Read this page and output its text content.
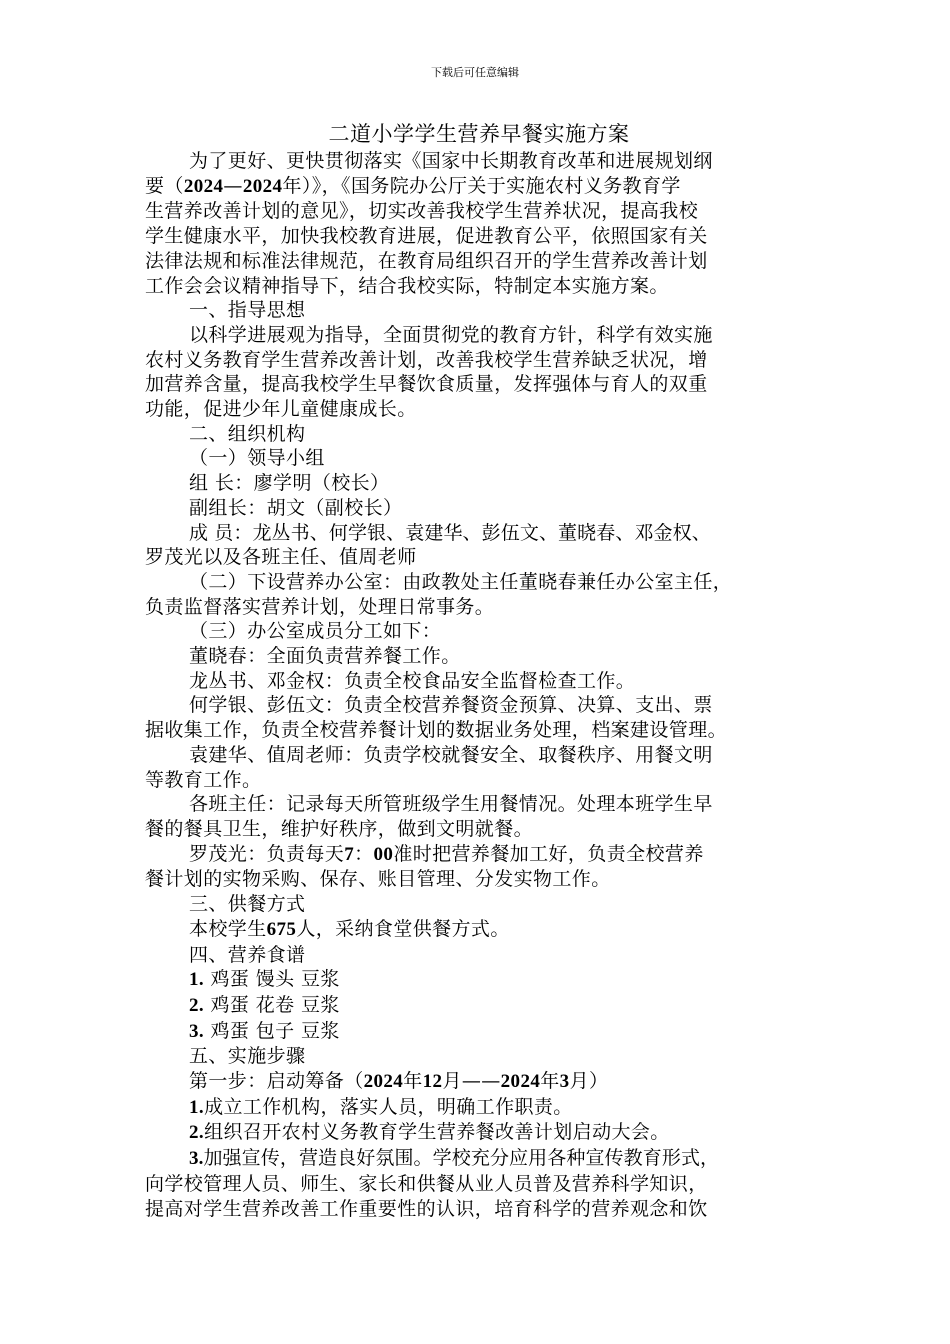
下载后可任意编辑
二道小学学生营养早餐实施方案

为了更好、更快贯彻落实《国家中长期教育改革和进展规划纲

要（2024—2024年）》，《国务院办公厅关于实施农村义务教育学

生营养改善计划的意见》，切实改善我校学生营养状况，提高我校

学生健康水平，加快我校教育进展，促进教育公平，依照国家有关

法律法规和标准法律规范，在教育局组织召开的学生营养改善计划

工作会会议精神指导下，结合我校实际，特制定本实施方案。

一、指导思想

以科学进展观为指导，全面贯彻党的教育方针，科学有效实施

农村义务教育学生营养改善计划，改善我校学生营养缺乏状况，增

加营养含量，提高我校学生早餐饮食质量，发挥强体与育人的双重

功能，促进少年儿童健康成长。

二、组织机构

（一）领导小组

组 长：廖学明（校长）

副组长：胡文（副校长）

成 员：龙丛书、何学银、袁建华、彭伍文、董晓春、邓金权、

罗茂光以及各班主任、值周老师

（二）下设营养办公室：由政教处主任董晓春兼任办公室主任，

负责监督落实营养计划，处理日常事务。

（三）办公室成员分工如下：

董晓春：全面负责营养餐工作。

龙丛书、邓金权：负责全校食品安全监督检查工作。

何学银、彭伍文：负责全校营养餐资金预算、决算、支出、票

据收集工作，负责全校营养餐计划的数据业务处理，档案建设管理。

袁建华、值周老师：负责学校就餐安全、取餐秩序、用餐文明

等教育工作。

各班主任：记录每天所管班级学生用餐情况。处理本班学生早

餐的餐具卫生，维护好秩序，做到文明就餐。

罗茂光：负责每天7：00准时把营养餐加工好，负责全校营养

餐计划的实物采购、保存、账目管理、分发实物工作。

三、供餐方式

本校学生675人，采纳食堂供餐方式。

四、营养食谱

1. 鸡蛋 馒头 豆浆

2. 鸡蛋 花卷 豆浆

3. 鸡蛋 包子 豆浆

五、实施步骤

第一步：启动筹备（2024年12月——2024年3月）

1.成立工作机构，落实人员，明确工作职责。

2.组织召开农村义务教育学生营养餐改善计划启动大会。

3.加强宣传，营造良好氛围。学校充分应用各种宣传教育形式，

向学校管理人员、师生、家长和供餐从业人员普及营养科学知识，

提高对学生营养改善工作重要性的认识，培育科学的营养观念和饮
